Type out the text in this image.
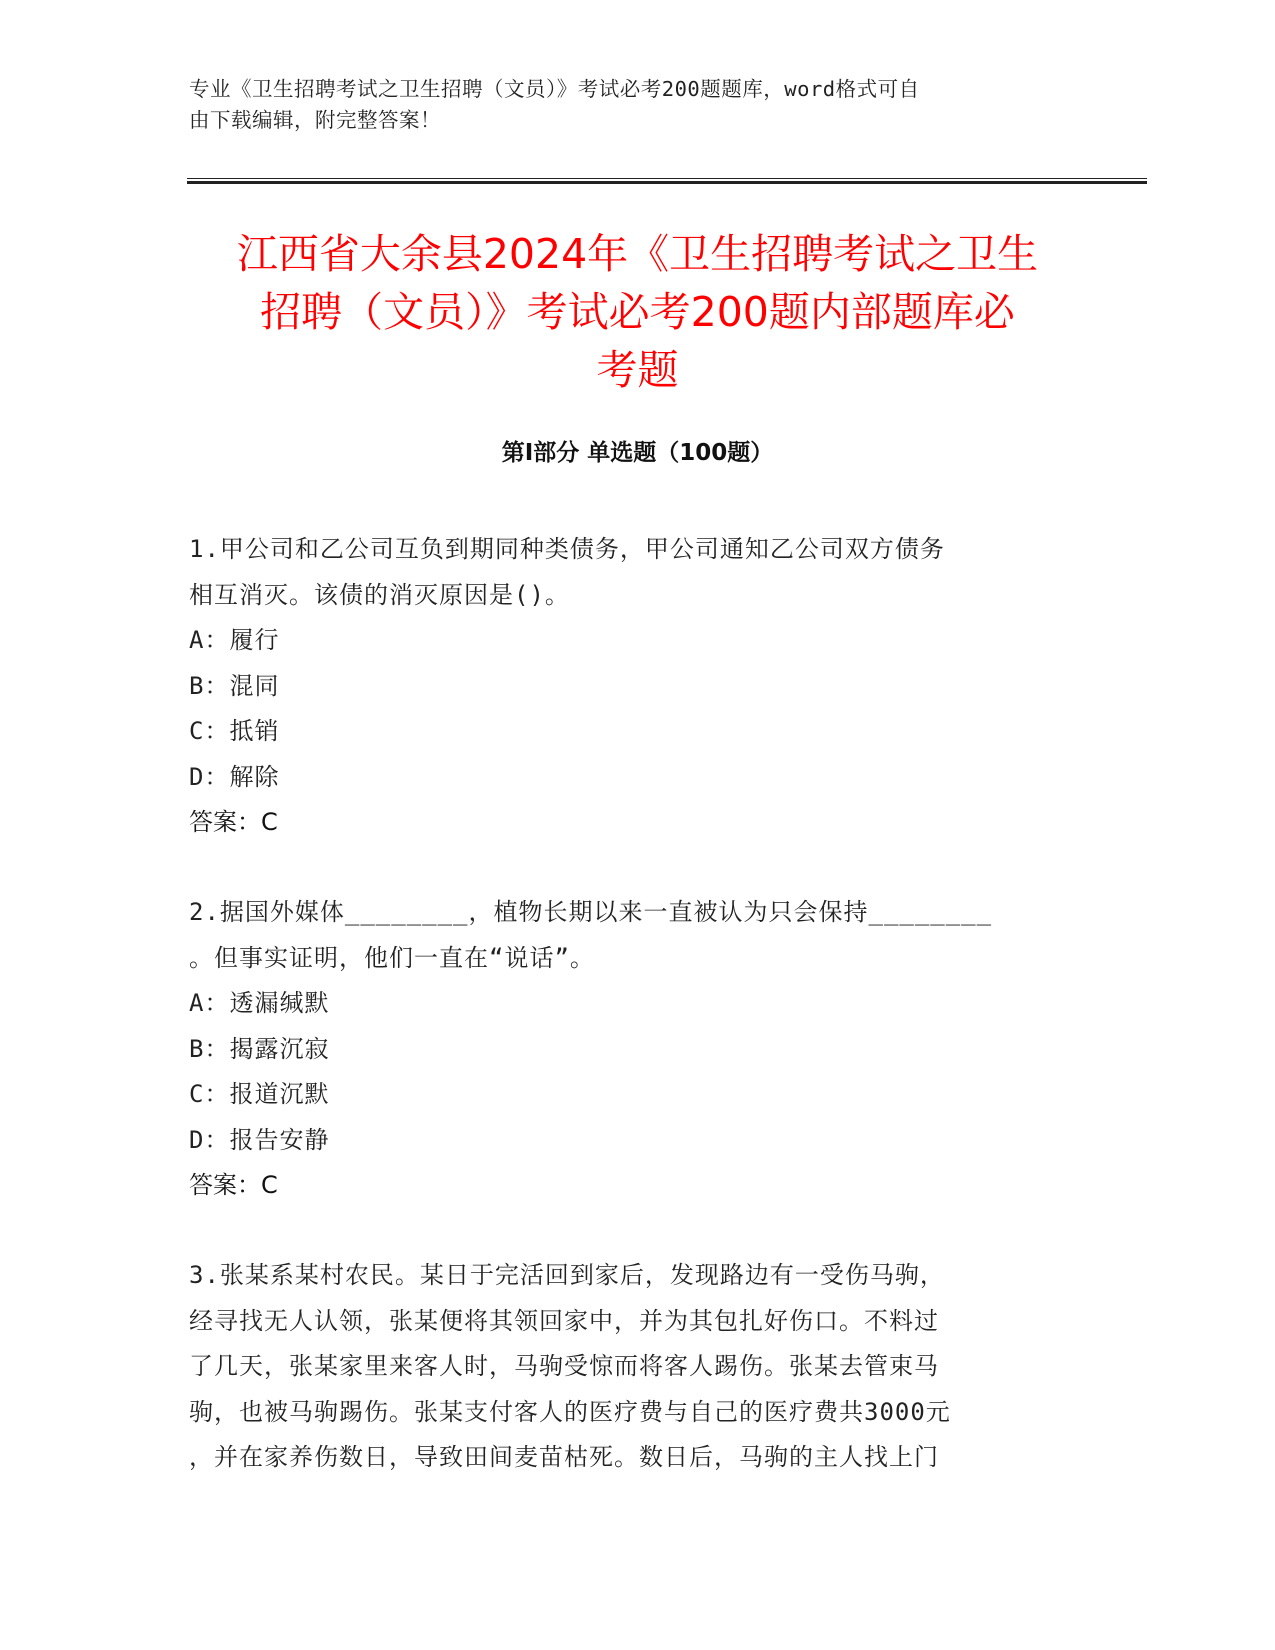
专业《卫生招聘考试之卫生招聘（文员）》考试必考200题题库，word格式可自
由下载编辑，附完整答案！
江西省大余县2024年《卫生招聘考试之卫生
招聘（文员）》考试必考200题内部题库必
考题
第Ⅰ部分 单选题（100题）
1.甲公司和乙公司互负到期同种类债务，甲公司通知乙公司双方债务
相互消灭。该债的消灭原因是()。
A：履行
B：混同
C：抵销
D：解除
答案：C
2.据国外媒体________，植物长期以来一直被认为只会保持________
。但事实证明，他们一直在“说话”。
A：透漏缄默
B：揭露沉寂
C：报道沉默
D：报告安静
答案：C
3.张某系某村农民。某日于完活回到家后，发现路边有一受伤马驹，
经寻找无人认领，张某便将其领回家中，并为其包扎好伤口。不料过
了几天，张某家里来客人时，马驹受惊而将客人踢伤。张某去管束马
驹，也被马驹踢伤。张某支付客人的医疗费与自己的医疗费共3000元
，并在家养伤数日，导致田间麦苗枯死。数日后，马驹的主人找上门
